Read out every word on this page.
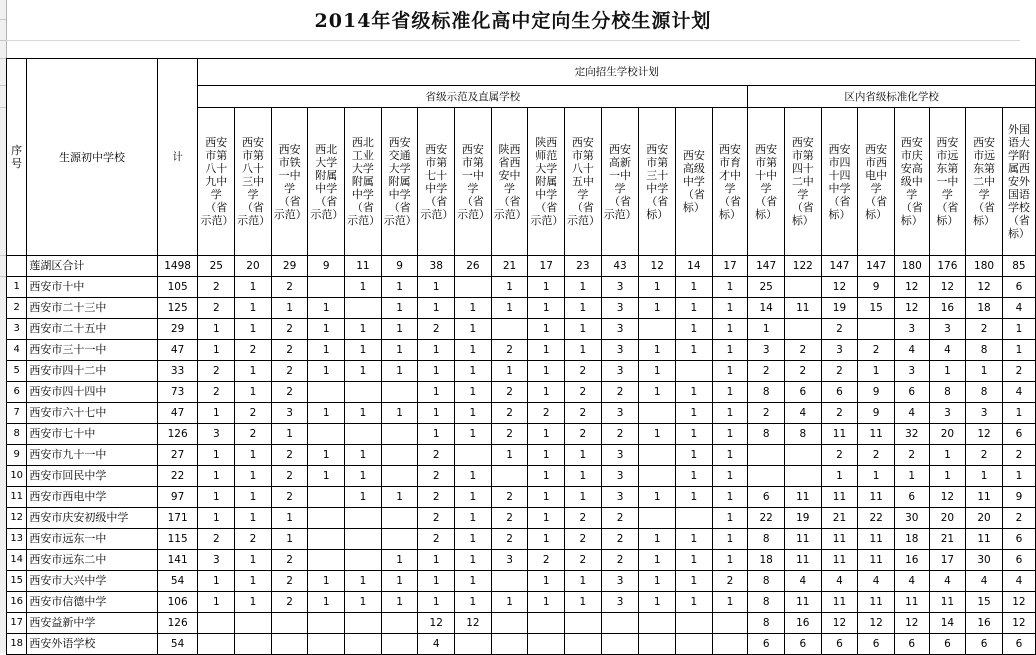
2014年省级标准化高中定向生分校生源计划
序号	生源初中学校	计	定向招生学校计划																						
			省级示范及直属学校															区内省级标准化学校							
			西安市第八十九中学（省示范）	西安市第八十三中学（省示范）	西安市铁一中学（省示范）	西北大学附属中学（省示范）	西北工业大学附属中学（省示范）	西安交通大学附属中学（省示范）	西安市第七十中学（省示范）	西安市第一中学（省示范）	陕西省西安中学（省示范）	陕西师范大学附属中学（省示范）	西安市第八十五中学（省示范）	西安高新一中学（省示范）	西安市第三十中学（省标）	西安高级中学（省标）	西安市育才中学（省标）	西安市第十中学（省标）	西安市第四十二中学（省标）	西安市四十四中学（省标）	西安市西电中学（省标）	西安市庆安高级中学（省标）	西安市远东第一中学（省标）	西安市远东第二中学（省标）	外国语大学附属西安外国语学校（省标）
	莲湖区合计	1498	25	20	29	9	11	9	38	26	21	17	23	43	12	14	17	147	122	147	147	180	176	180	85
1	西安市十中	105	2	1	2		1	1	1		1	1	1	3	1	1	1	25		12	9	12	12	12	6
2	西安市二十三中	125	2	1	1	1		1	1	1	1	1	1	3	1	1	1	14	11	19	15	12	16	18	4
3	西安市二十五中	29	1	1	2	1	1	1	2	1		1	1	3		1	1	1		2		3	3	2	1
4	西安市三十一中	47	1	2	2	1	1	1	1	1	2	1	1	3	1	1	1	3	2	3	2	4	4	8	1
5	西安市四十二中	33	2	1	2	1	1	1	1	1	1	1	2	3	1		1	2	2	2	1	3	1	1	2
6	西安市四十四中	73	2	1	2				1	1	2	1	2	2	1	1	1	8	6	6	9	6	8	8	4
7	西安市六十七中	47	1	2	3	1	1	1	1	1	2	2	2	3		1	1	2	4	2	9	4	3	3	1
8	西安市七十中	126	3	2	1				1	1	2	1	2	2	1	1	1	8	8	11	11	32	20	12	6
9	西安市九十一中	27	1	1	2	1	1		2		1	1	1	3		1	1			2	2	2	1	2	2
10	西安市回民中学	22	1	1	2	1	1		2	1		1	1	3		1	1			1	1	1	1	1	1
11	西安市西电中学	97	1	1	2		1	1	2	1	2	1	1	3	1	1	1	6	11	11	11	6	12	11	9
12	西安市庆安初级中学	171	1	1	1				2	1	2	1	2	2			1	22	19	21	22	30	20	20	2
13	西安市远东一中	115	2	2	1				2	1	2	1	2	2	1	1	1	8	11	11	11	18	21	11	6
14	西安市远东二中	141	3	1	2			1	1	1	3	2	2	2	1	1	1	18	11	11	11	16	17	30	6
15	西安市大兴中学	54	1	1	2	1	1	1	1	1		1	1	3	1	1	2	8	4	4	4	4	4	4	4
16	西安市信德中学	106	1	1	2	1	1	1	1	1	1	1	1	3	1	1	1	8	11	11	11	11	11	15	12
17	西安益新中学	126							12	12								8	16	12	12	12	14	16	12
18	西安外语学校	54							4									6	6	6	6	6	6	6	6
